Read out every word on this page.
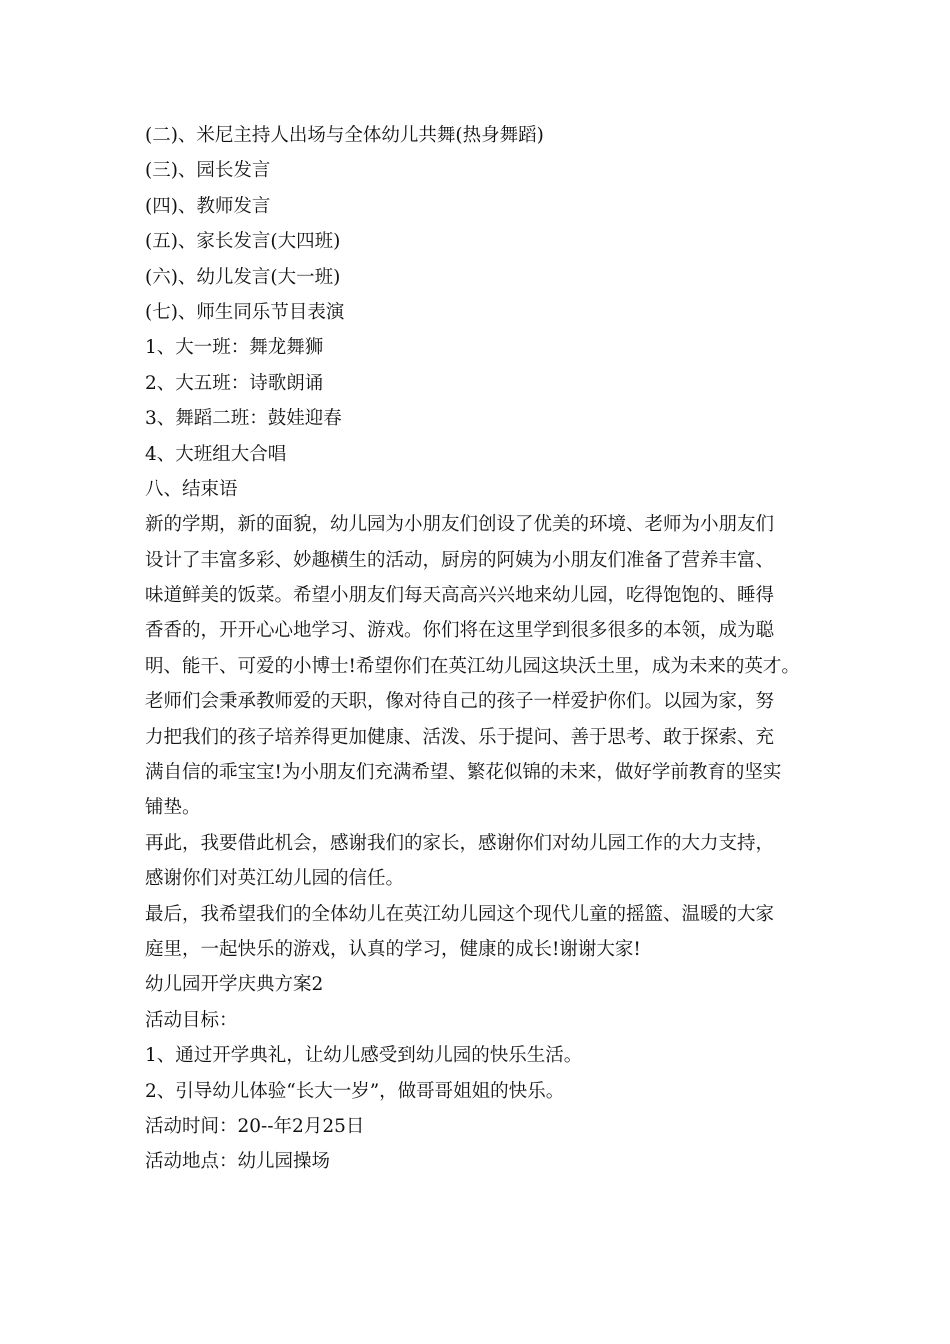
(二)、米尼主持人出场与全体幼儿共舞(热身舞蹈)
(三)、园长发言
(四)、教师发言
(五)、家长发言(大四班)
(六)、幼儿发言(大一班)
(七)、师生同乐节目表演
1、大一班：舞龙舞狮
2、大五班：诗歌朗诵
3、舞蹈二班：鼓娃迎春
4、大班组大合唱
八、结束语
新的学期，新的面貌，幼儿园为小朋友们创设了优美的环境、老师为小朋友们
设计了丰富多彩、妙趣横生的活动，厨房的阿姨为小朋友们准备了营养丰富、
味道鲜美的饭菜。希望小朋友们每天高高兴兴地来幼儿园，吃得饱饱的、睡得
香香的，开开心心地学习、游戏。你们将在这里学到很多很多的本领，成为聪
明、能干、可爱的小博士!希望你们在英江幼儿园这块沃土里，成为未来的英才。
老师们会秉承教师爱的天职，像对待自己的孩子一样爱护你们。以园为家，努
力把我们的孩子培养得更加健康、活泼、乐于提问、善于思考、敢于探索、充
满自信的乖宝宝!为小朋友们充满希望、繁花似锦的未来，做好学前教育的坚实
铺垫。
再此，我要借此机会，感谢我们的家长，感谢你们对幼儿园工作的大力支持，
感谢你们对英江幼儿园的信任。
最后，我希望我们的全体幼儿在英江幼儿园这个现代儿童的摇篮、温暖的大家
庭里，一起快乐的游戏，认真的学习，健康的成长!谢谢大家!
幼儿园开学庆典方案2
活动目标：
1、通过开学典礼，让幼儿感受到幼儿园的快乐生活。
2、引导幼儿体验“长大一岁”，做哥哥姐姐的快乐。
活动时间：20--年2月25日
活动地点：幼儿园操场
